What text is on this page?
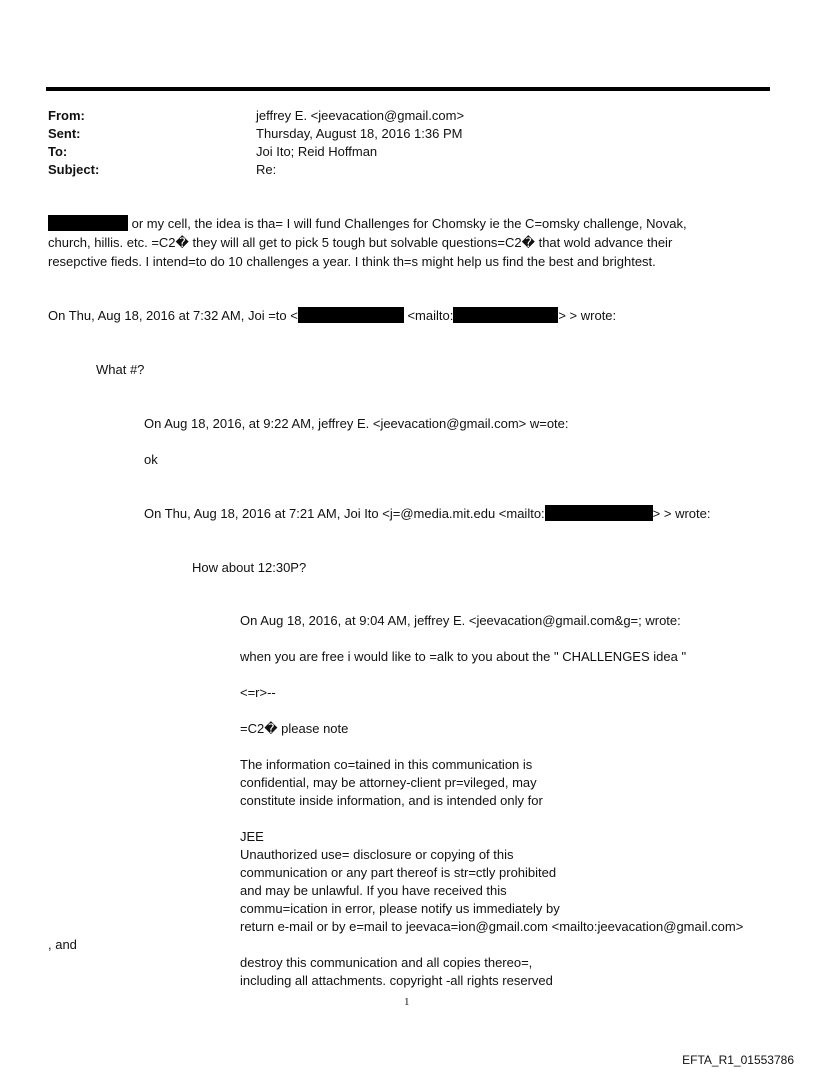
From:	jeffrey E. <jeevacation@gmail.com>
Sent:	Thursday, August 18, 2016 1:36 PM
To:	Joi Ito; Reid Hoffman
Subject:	Re:
or my cell, the idea is tha= I will fund Challenges for Chomsky ie the C=omsky challenge, Novak,
church, hillis. etc. =C2� they will all get to pick 5 tough but solvable questions=C2� that wold advance their
resepctive fieds. I intend=to do 10 challenges a year. I think th=s might help us find the best and brightest.
On Thu, Aug 18, 2016 at 7:32 AM, Joi =to <	<mailto:	> > wrote:
What #?
On Aug 18, 2016, at 9:22 AM, jeffrey E. <jeevacation@gmail.com> w=ote:
ok
On Thu, Aug 18, 2016 at 7:21 AM, Joi Ito <j=@media.mit.edu <mailto:	> > wrote:
How about 12:30P?
On Aug 18, 2016, at 9:04 AM, jeffrey E. <jeevacation@gmail.com&g=; wrote:
when you are free i would like to =alk to you about the " CHALLENGES idea "
<=r>--
=C2� please note
The information co=tained in this communication is
confidential, may be attorney-client pr=vileged, may
constitute inside information, and is intended only for
JEE
Unauthorized use= disclosure or copying of this
communication or any part thereof is str=ctly prohibited
and may be unlawful. If you have received this
commu=ication in error, please notify us immediately by
return e-mail or by e=mail to jeevaca=ion@gmail.com <mailto:jeevacation@gmail.com>
, and
destroy this communication and all copies thereo=,
including all attachments. copyright -all rights reserved
1
EFTA_R1_01553786
